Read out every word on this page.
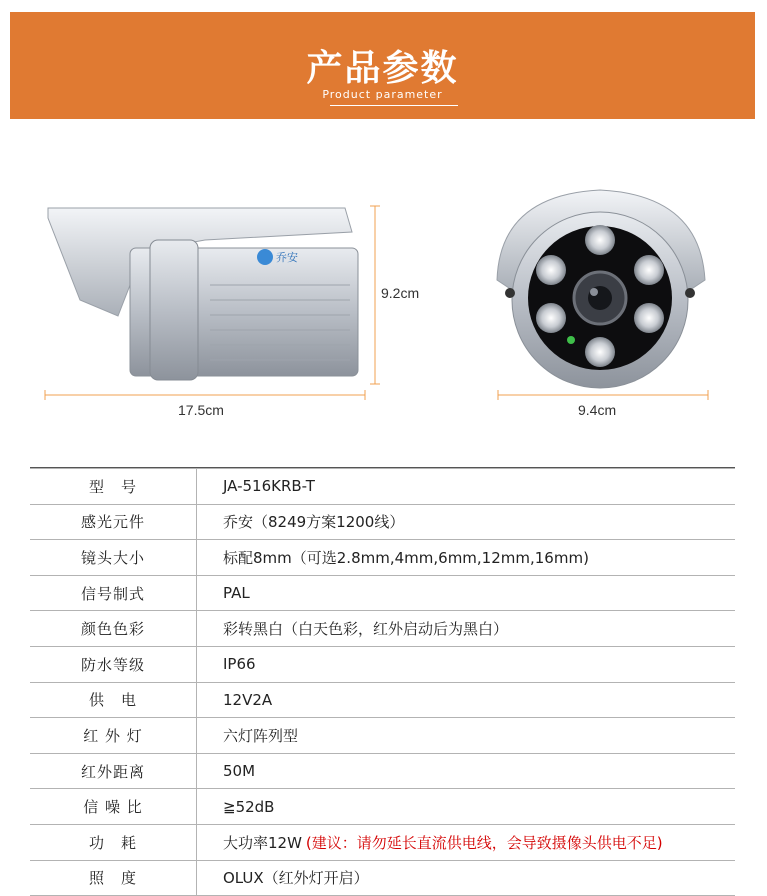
产品参数
Product parameter
乔安
9.2cm
17.5cm	9.4cm
型　号	JA-516KRB-T
感光元件	乔安（8249方案1200线）
镜头大小	标配8mm（可选2.8mm,4mm,6mm,12mm,16mm)
信号制式	PAL
颜色色彩	彩转黑白（白天色彩，红外启动后为黑白）
防水等级	IP66
供　电	12V2A
红 外 灯	六灯阵列型
红外距离	50M
信 噪 比	≧52dB
功　耗	大功率12W (建议：请勿延长直流供电线，会导致摄像头供电不足)
照　度	OLUX（红外灯开启）
